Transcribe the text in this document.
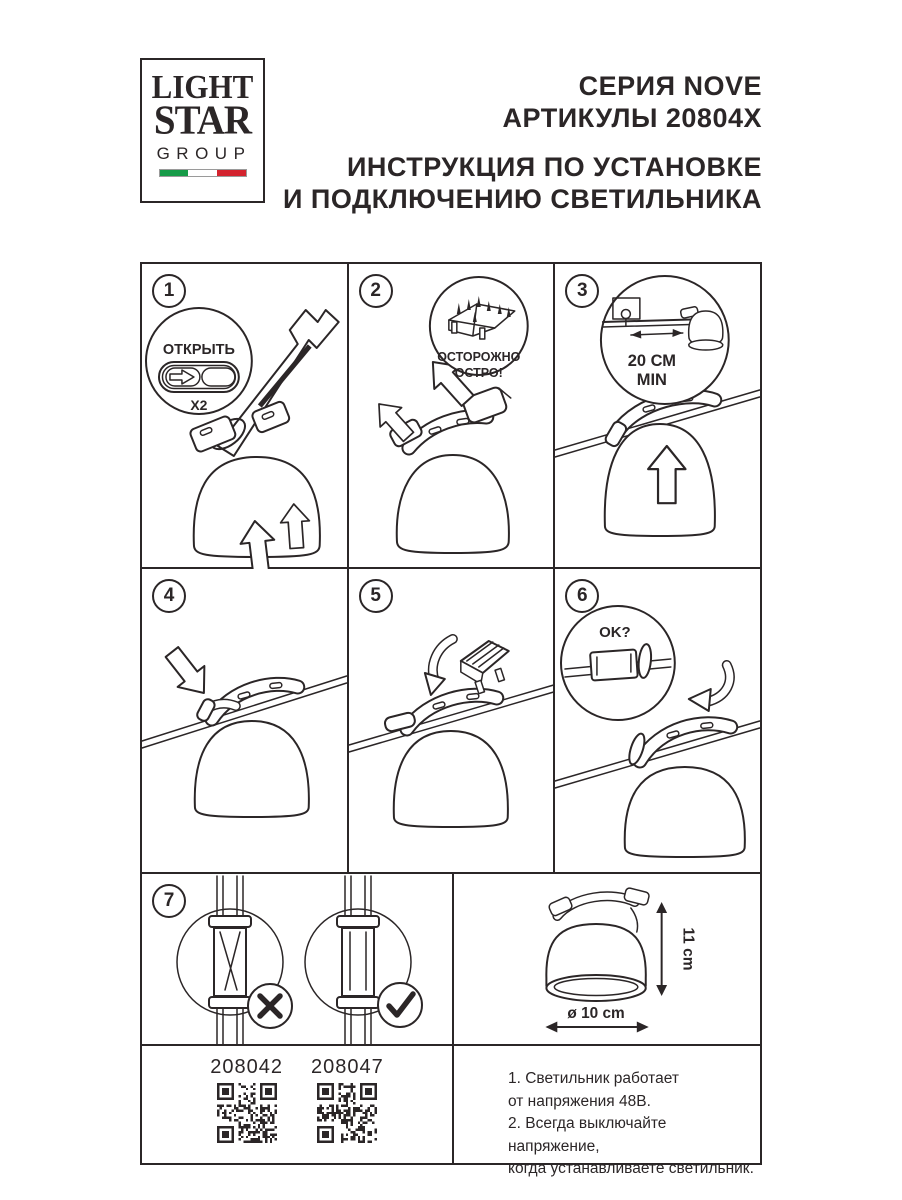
LIGHT
STAR
GROUP
СЕРИЯ NOVE
АРТИКУЛЫ 20804X
ИНСТРУКЦИЯ ПО УСТАНОВКЕ
И ПОДКЛЮЧЕНИЮ СВЕТИЛЬНИКА
1
ОТКРЫТЬ
X2
2
ОСТОРОЖНО
ОСТРО!
3
20 СМ
MIN
4	5	6
OK?
7
11 cm
ø 10 cm
208042 208047
1. Светильник работает
от напряжения 48В.
2. Всегда выключайте напряжение,
когда устанавливаете светильник.
